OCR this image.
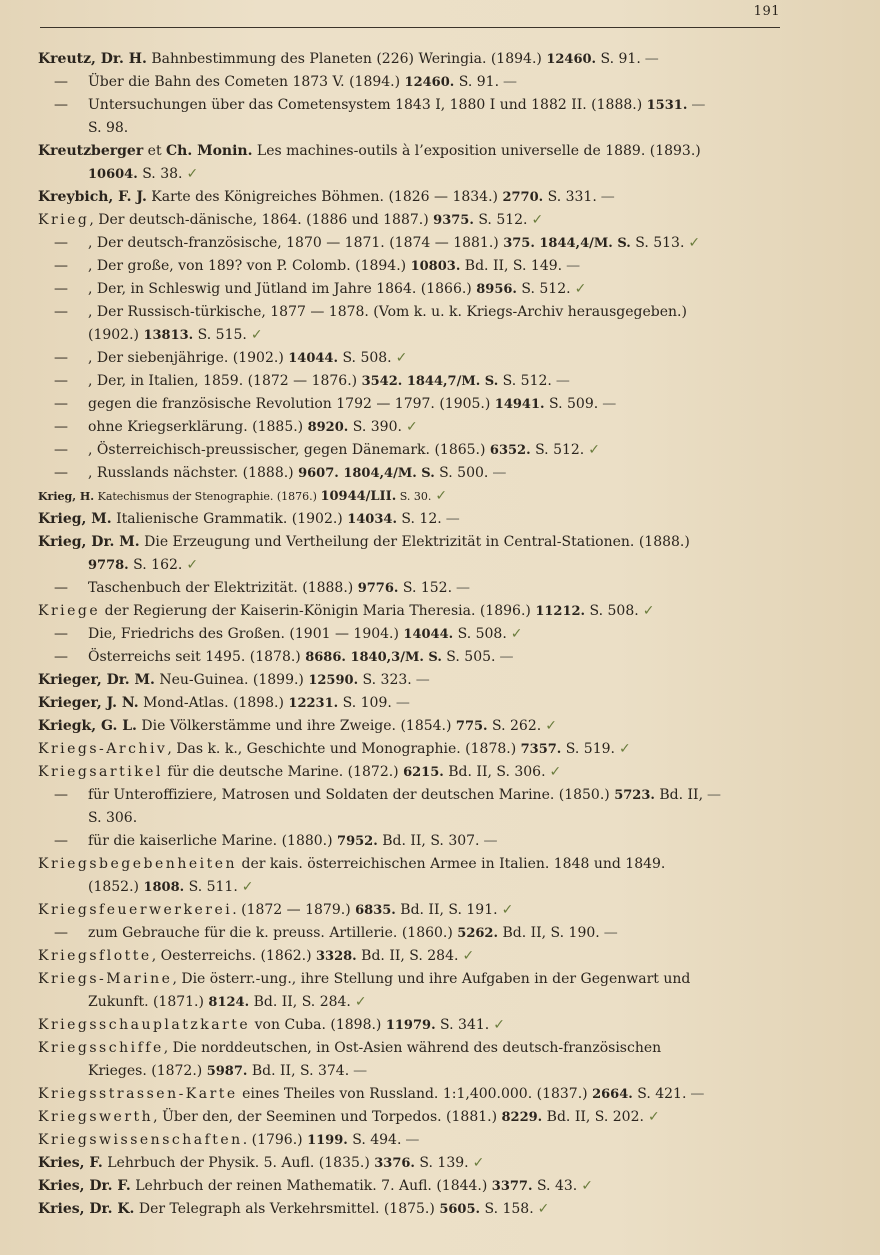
191
Kreutz, Dr. H. Bahnbestimmung des Planeten (226) Weringia. (1894.) 12460. S. 91. —
— Über die Bahn des Cometen 1873 V. (1894.) 12460. S. 91. —
— Untersuchungen über das Cometensystem 1843 I, 1880 I und 1882 II. (1888.) 1531. —
S. 98.
Kreutzberger et Ch. Monin. Les machines-outils à l’exposition universelle de 1889. (1893.)
10604. S. 38. ✓
Kreybich, F. J. Karte des Königreiches Böhmen. (1826 — 1834.) 2770. S. 331. —
Krieg, Der deutsch-dänische, 1864. (1886 und 1887.) 9375. S. 512. ✓
— , Der deutsch-französische, 1870 — 1871. (1874 — 1881.) 375. 1844,4/M. S. S. 513. ✓
— , Der große, von 189? von P. Colomb. (1894.) 10803. Bd. II, S. 149. —
— , Der, in Schleswig und Jütland im Jahre 1864. (1866.) 8956. S. 512. ✓
— , Der Russisch-türkische, 1877 — 1878. (Vom k. u. k. Kriegs-Archiv herausgegeben.)
(1902.) 13813. S. 515. ✓
— , Der siebenjährige. (1902.) 14044. S. 508. ✓
— , Der, in Italien, 1859. (1872 — 1876.) 3542. 1844,7/M. S. S. 512. —
— gegen die französische Revolution 1792 — 1797. (1905.) 14941. S. 509. —
— ohne Kriegserklärung. (1885.) 8920. S. 390. ✓
— , Österreichisch-preussischer, gegen Dänemark. (1865.) 6352. S. 512. ✓
— , Russlands nächster. (1888.) 9607. 1804,4/M. S. S. 500. —
Krieg, H. Katechismus der Stenographie. (1876.) 10944/LII. S. 30. ✓
Krieg, M. Italienische Grammatik. (1902.) 14034. S. 12. —
Krieg, Dr. M. Die Erzeugung und Vertheilung der Elektrizität in Central-Stationen. (1888.)
9778. S. 162. ✓
— Taschenbuch der Elektrizität. (1888.) 9776. S. 152. —
Kriege der Regierung der Kaiserin-Königin Maria Theresia. (1896.) 11212. S. 508. ✓
— Die, Friedrichs des Großen. (1901 — 1904.) 14044. S. 508. ✓
— Österreichs seit 1495. (1878.) 8686. 1840,3/M. S. S. 505. —
Krieger, Dr. M. Neu-Guinea. (1899.) 12590. S. 323. —
Krieger, J. N. Mond-Atlas. (1898.) 12231. S. 109. —
Kriegk, G. L. Die Völkerstämme und ihre Zweige. (1854.) 775. S. 262. ✓
Kriegs-Archiv, Das k. k., Geschichte und Monographie. (1878.) 7357. S. 519. ✓
Kriegsartikel für die deutsche Marine. (1872.) 6215. Bd. II, S. 306. ✓
— für Unteroffiziere, Matrosen und Soldaten der deutschen Marine. (1850.) 5723. Bd. II, —
S. 306.
— für die kaiserliche Marine. (1880.) 7952. Bd. II, S. 307. —
Kriegsbegebenheiten der kais. österreichischen Armee in Italien. 1848 und 1849.
(1852.) 1808. S. 511. ✓
Kriegsfeuerwerkerei. (1872 — 1879.) 6835. Bd. II, S. 191. ✓
— zum Gebrauche für die k. preuss. Artillerie. (1860.) 5262. Bd. II, S. 190. —
Kriegsflotte, Oesterreichs. (1862.) 3328. Bd. II, S. 284. ✓
Kriegs-Marine, Die österr.-ung., ihre Stellung und ihre Aufgaben in der Gegenwart und
Zukunft. (1871.) 8124. Bd. II, S. 284. ✓
Kriegsschauplatzkarte von Cuba. (1898.) 11979. S. 341. ✓
Kriegsschiffe, Die norddeutschen, in Ost-Asien während des deutsch-französischen
Krieges. (1872.) 5987. Bd. II, S. 374. —
Kriegsstrassen-Karte eines Theiles von Russland. 1:1,400.000. (1837.) 2664. S. 421. —
Kriegswerth, Über den, der Seeminen und Torpedos. (1881.) 8229. Bd. II, S. 202. ✓
Kriegswissenschaften. (1796.) 1199. S. 494. —
Kries, F. Lehrbuch der Physik. 5. Aufl. (1835.) 3376. S. 139. ✓
Kries, Dr. F. Lehrbuch der reinen Mathematik. 7. Aufl. (1844.) 3377. S. 43. ✓
Kries, Dr. K. Der Telegraph als Verkehrsmittel. (1875.) 5605. S. 158. ✓
